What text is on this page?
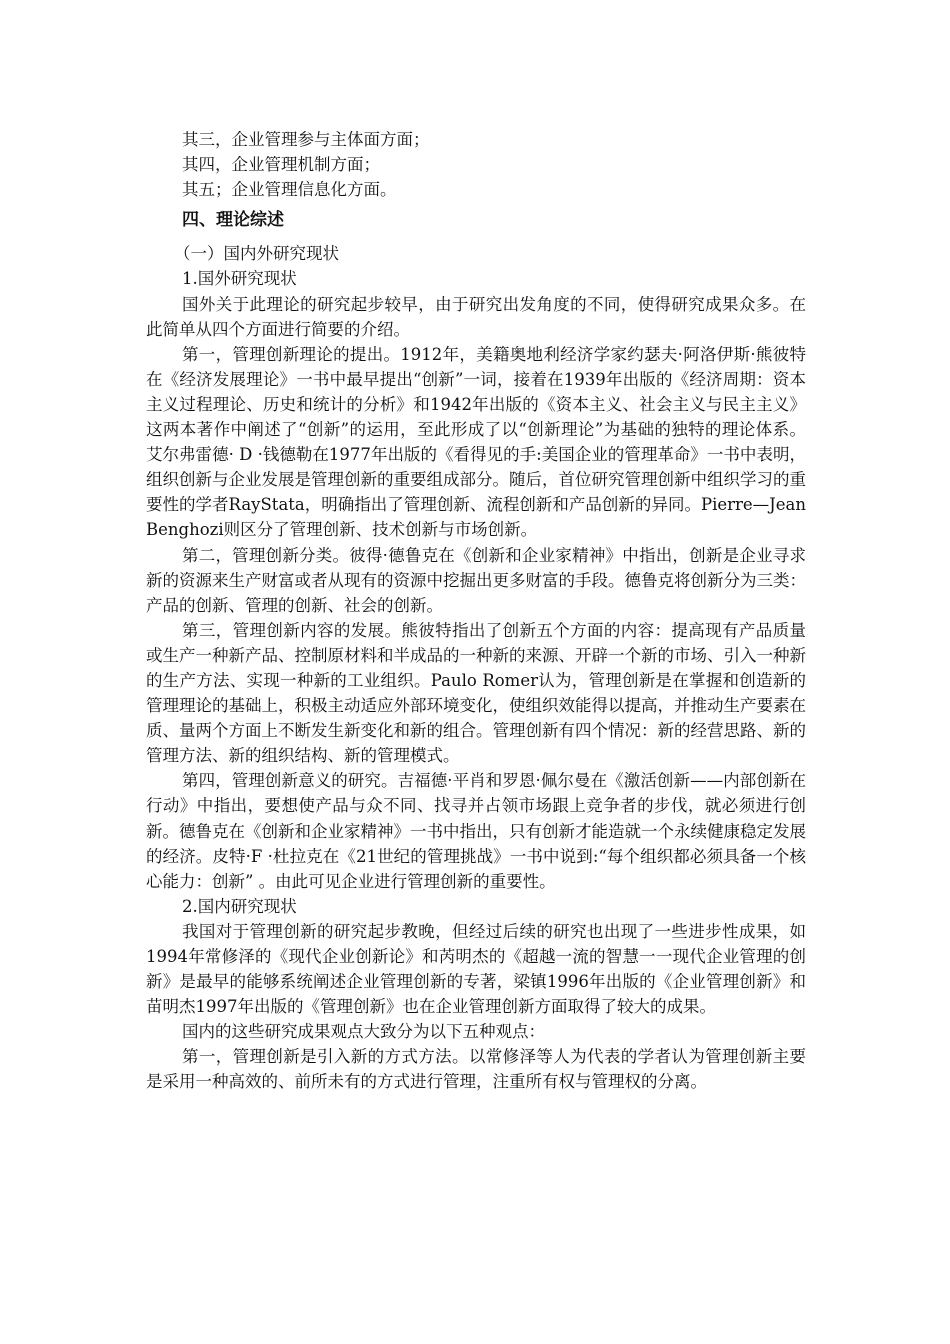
其三，企业管理参与主体面方面；
其四，企业管理机制方面；
其五；企业管理信息化方面。
四、理论综述
（一）国内外研究现状
1.国外研究现状

国外关于此理论的研究起步较早，由于研究出发角度的不同，使得研究成果众多。在此简单从四个方面进行简要的介绍。

第一，管理创新理论的提出。1912年，美籍奥地利经济学家约瑟夫·阿洛伊斯·熊彼特在《经济发展理论》一书中最早提出“创新”一词，接着在1939年出版的《经济周期：资本主义过程理论、历史和统计的分析》和1942年出版的《资本主义、社会主义与民主主义》这两本著作中阐述了“创新”的运用，至此形成了以“创新理论”为基础的独特的理论体系。艾尔弗雷德· D ·钱德勒在1977年出版的《看得见的手:美国企业的管理革命》一书中表明，组织创新与企业发展是管理创新的重要组成部分。随后，首位研究管理创新中组织学习的重要性的学者RayStata，明确指出了管理创新、流程创新和产品创新的异同。Pierre—Jean Benghozi则区分了管理创新、技术创新与市场创新。

第二，管理创新分类。彼得·德鲁克在《创新和企业家精神》中指出，创新是企业寻求新的资源来生产财富或者从现有的资源中挖掘出更多财富的手段。德鲁克将创新分为三类：产品的创新、管理的创新、社会的创新。

第三，管理创新内容的发展。熊彼特指出了创新五个方面的内容：提高现有产品质量或生产一种新产品、控制原材料和半成品的一种新的来源、开辟一个新的市场、引入一种新的生产方法、实现一种新的工业组织。Paulo Romer认为，管理创新是在掌握和创造新的管理理论的基础上，积极主动适应外部环境变化，使组织效能得以提高，并推动生产要素在质、量两个方面上不断发生新变化和新的组合。管理创新有四个情况：新的经营思路、新的管理方法、新的组织结构、新的管理模式。

第四，管理创新意义的研究。吉福德·平肖和罗恩·佩尔曼在《激活创新——内部创新在行动》中指出，要想使产品与众不同、找寻并占领市场跟上竞争者的步伐，就必须进行创新。德鲁克在《创新和企业家精神》一书中指出，只有创新才能造就一个永续健康稳定发展的经济。皮特·F ·杜拉克在《21世纪的管理挑战》一书中说到:“每个组织都必须具备一个核心能力：创新” 。由此可见企业进行管理创新的重要性。

2.国内研究现状

我国对于管理创新的研究起步教晚，但经过后续的研究也出现了一些进步性成果，如1994年常修泽的《现代企业创新论》和芮明杰的《超越一流的智慧一一现代企业管理的创新》是最早的能够系统阐述企业管理创新的专著，梁镇1996年出版的《企业管理创新》和苗明杰1997年出版的《管理创新》也在企业管理创新方面取得了较大的成果。

国内的这些研究成果观点大致分为以下五种观点：

第一，管理创新是引入新的方式方法。以常修泽等人为代表的学者认为管理创新主要是采用一种高效的、前所未有的方式进行管理，注重所有权与管理权的分离。
